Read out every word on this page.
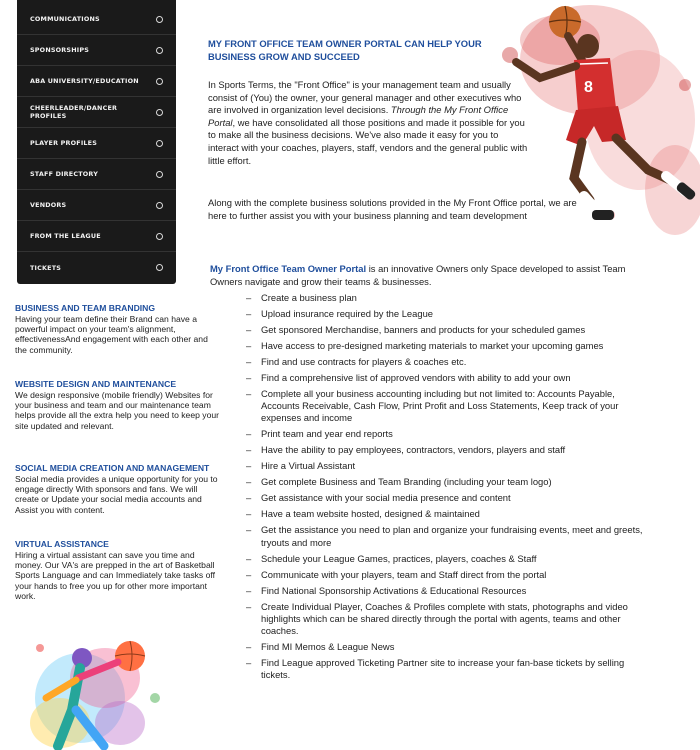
COMMUNICATIONS
SPONSORSHIPS
ABA UNIVERSITY/EDUCATION
CHEERLEADER/DANCER PROFILES
PLAYER PROFILES
STAFF DIRECTORY
VENDORS
FROM THE LEAGUE
TICKETS
8
MY FRONT OFFICE TEAM OWNER PORTAL CAN HELP YOUR BUSINESS GROW AND SUCCEED
In Sports Terms, the "Front Office" is your management team and usually consist of (You) the owner, your general manager and other executives who are involved in organization level decisions. Through the My Front Office Portal, we have consolidated all those positions and made it possible for you to make all the business decisions. We've also made it easy for you to interact with your coaches, players, staff, vendors and the general public with little effort.
Along with the complete business solutions provided in the My Front Office portal, we are here to further assist you with your business planning and team development
My Front Office Team Owner Portal is an innovative Owners only Space developed to assist Team Owners navigate and grow their teams & businesses.
– Create a business plan
– Upload insurance required by the League
– Get sponsored Merchandise, banners and products for your scheduled games
– Have access to pre-designed marketing materials to market your upcoming games
– Find and use contracts for players & coaches etc.
– Find a comprehensive list of approved vendors with ability to add your own
– Complete all your business accounting including but not limited to: Accounts Payable, Accounts Receivable, Cash Flow, Print Profit and Loss Statements, Keep track of your expenses and income
– Print team and year end reports
– Have the ability to pay employees, contractors, vendors, players and staff
– Hire a Virtual Assistant
– Get complete Business and Team Branding (including your team logo)
– Get assistance with your social media presence and content
– Have a team website hosted, designed & maintained
– Get the assistance you need to plan and organize your fundraising events, meet and greets, tryouts and more
– Schedule your League Games, practices, players, coaches & Staff
– Communicate with your players, team and Staff direct from the portal
– Find National Sponsorship Activations & Educational Resources
– Create Individual Player, Coaches & Profiles complete with stats, photographs and video highlights which can be shared directly through the portal with agents, teams and other coaches.
– Find MI Memos & League News
– Find League approved Ticketing Partner site to increase your fan-base tickets by selling tickets.
BUSINESS AND TEAM BRANDING

Having your team define their Brand can have a powerful impact on your team's alignment, effectivenessAnd engagement with each other and the community.

WEBSITE DESIGN AND MAINTENANCE

We design responsive (mobile friendly) Websites for your business and team and our maintenance team helps provide all the extra help you need to keep your site updated and relevant.

SOCIAL MEDIA CREATION AND MANAGEMENT

Social media provides a unique opportunity for you to engage directly With sponsors and fans. We will create or Update your social media accounts and Assist you with content.

VIRTUAL ASSISTANCE

Hiring a virtual assistant can save you time and money. Our VA's are prepped in the art of Basketball Sports Language and can Immediately take tasks off your hands to free you up for other more important work.
